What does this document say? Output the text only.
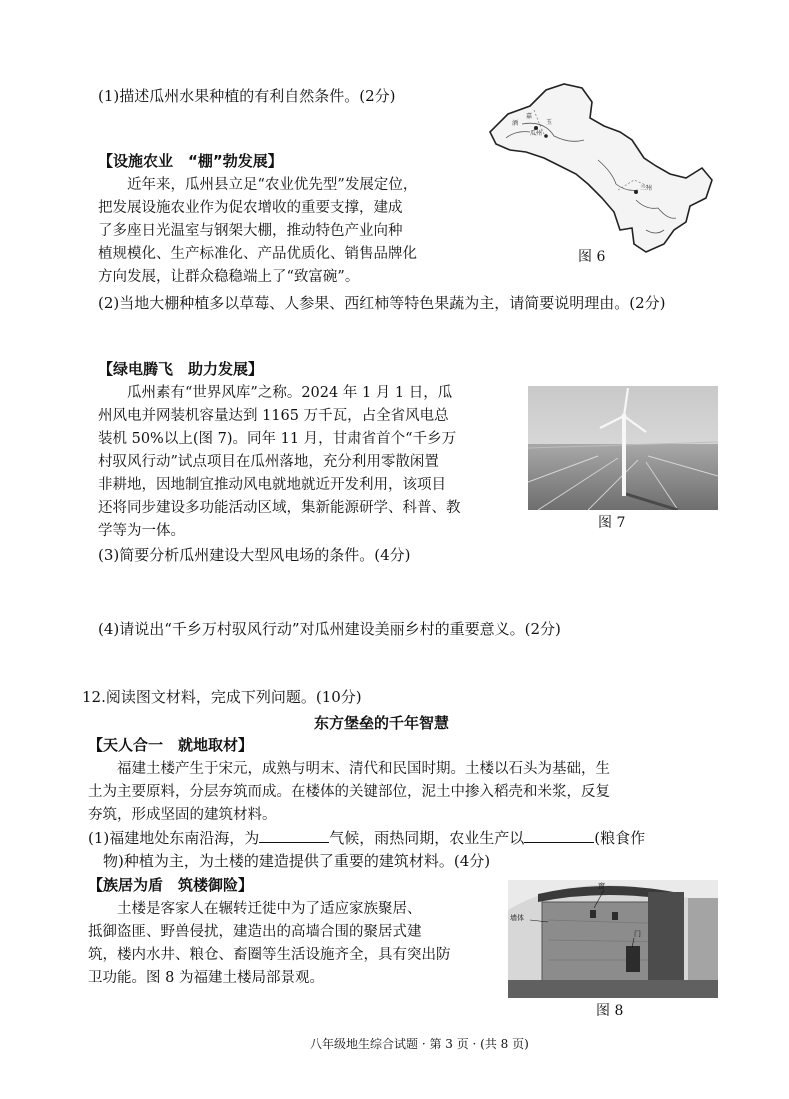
(1)描述瓜州水果种植的有利自然条件。(2分)
酒
嘉
玉
瓜州
兰州
图 6
【设施农业　“棚”勃发展】
　　近年来，瓜州县立足“农业优先型”发展定位，
把发展设施农业作为促农增收的重要支撑，建成
了多座日光温室与钢架大棚，推动特色产业向种
植规模化、生产标准化、产品优质化、销售品牌化
方向发展，让群众稳稳端上了“致富碗”。
(2)当地大棚种植多以草莓、人参果、西红柿等特色果蔬为主，请简要说明理由。(2分)
【绿电腾飞　助力发展】
　　瓜州素有“世界风库”之称。2024 年 1 月 1 日，瓜
州风电并网装机容量达到 1165 万千瓦，占全省风电总
装机 50%以上(图 7)。同年 11 月，甘肃省首个“千乡万
村驭风行动”试点项目在瓜州落地，充分利用零散闲置
非耕地，因地制宜推动风电就地就近开发利用，该项目
还将同步建设多功能活动区域，集新能源研学、科普、教
学等为一体。	图 7
(3)简要分析瓜州建设大型风电场的条件。(4分)
(4)请说出“千乡万村驭风行动”对瓜州建设美丽乡村的重要意义。(2分)
12.阅读图文材料，完成下列问题。(10分)
东方堡垒的千年智慧
【天人合一　就地取材】
　　福建土楼产生于宋元，成熟与明末、清代和民国时期。土楼以石头为基础，生
土为主要原料，分层夯筑而成。在楼体的关键部位，泥土中掺入稻壳和米浆，反复
夯筑，形成坚固的建筑材料。
(1)福建地处东南沿海，为	气候，雨热同期，农业生产以	(粮食作
　物)种植为主，为土楼的建造提供了重要的建筑材料。(4分)
【族居为盾　筑楼御险】
　　土楼是客家人在辗转迁徙中为了适应家族聚居、
抵御盗匪、野兽侵扰，建造出的高墙合围的聚居式建
筑，楼内水井、粮仓、畜圈等生活设施齐全，具有突出防
卫功能。图 8 为福建土楼局部景观。
窗
墙体
门
图 8
八年级地生综合试题 · 第 3 页 · (共 8 页)
